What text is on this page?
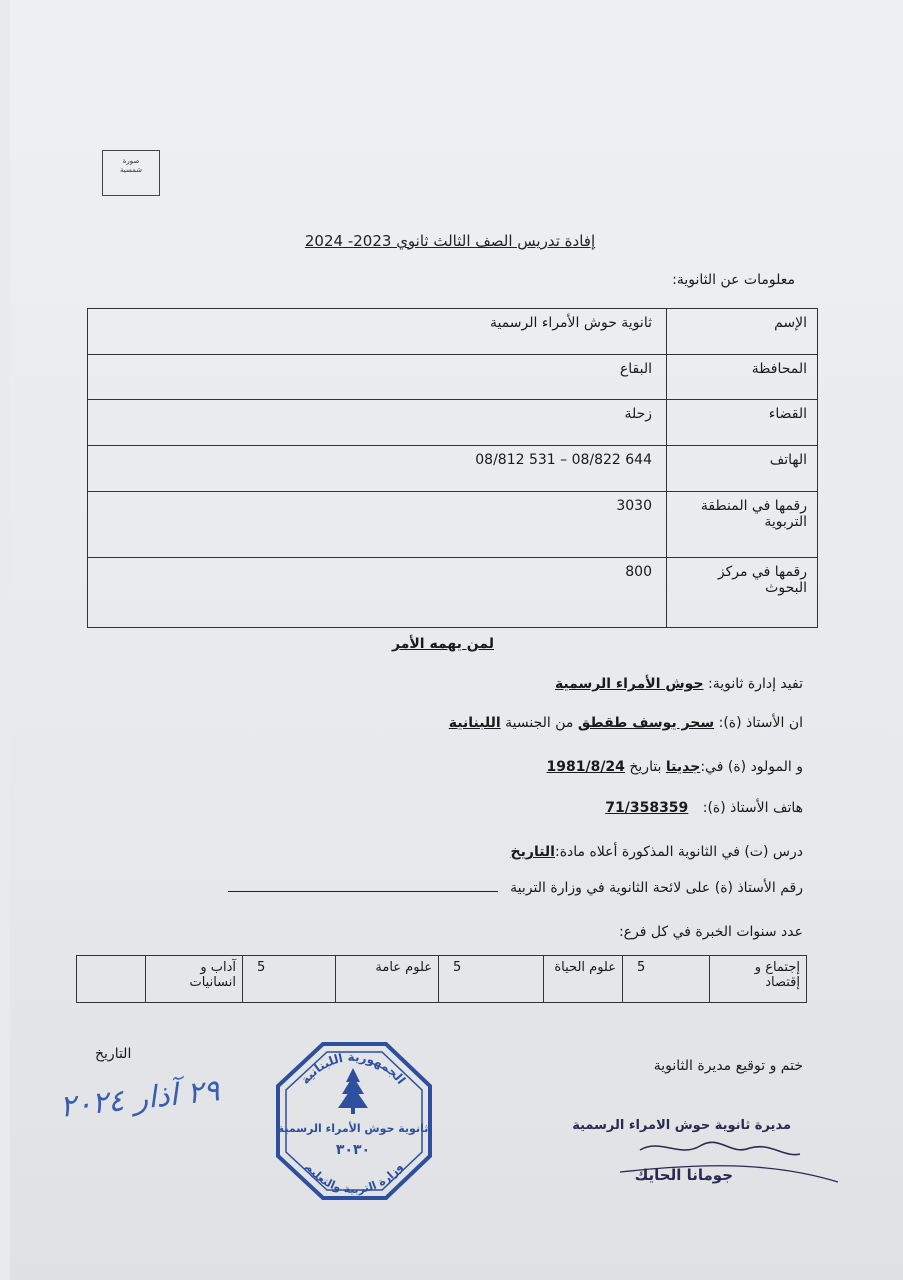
صورة
شمسية
إفادة تدريس الصف الثالث ثانوي 2023- 2024
معلومات عن الثانوية:
الإسم	ثانوية حوش الأمراء الرسمية
المحافظة	البقاع
القضاء	زحلة
الهاتف	08/812 531 – 08/822 644
رقمها في المنطقة التربوية	3030
رقمها في مركز البحوث	800
لمن يهمه الأمر
تفيد إدارة ثانوية: حوش الأمراء الرسمية
ان الأستاذ (ة): سحر يوسف طقطق من الجنسية اللبنانية
و المولود (ة) في:جديتا بتاريخ 1981/8/24
هاتف الأستاذ (ة): 71/358359
درس (ت) في الثانوية المذكورة أعلاه مادة:التاريخ
رقم الأستاذ (ة) على لائحة الثانوية في وزارة التربية
عدد سنوات الخبرة في كل فرع:
إجتماع و إقتصاد	5	علوم الحياة	5	علوم عامة	5	آداب و انسانيات	
التاريخ
ختم و توقيع مديرة الثانوية
٢٩ آذار ٢٠٢٤	الجمهورية اللبنانية
ثانوية حوش الأمراء الرسمية
٣٠٣٠
وزارة التربية والتعليم
مديرة ثانوية حوش الامراء الرسمية
جومانا الحايك
